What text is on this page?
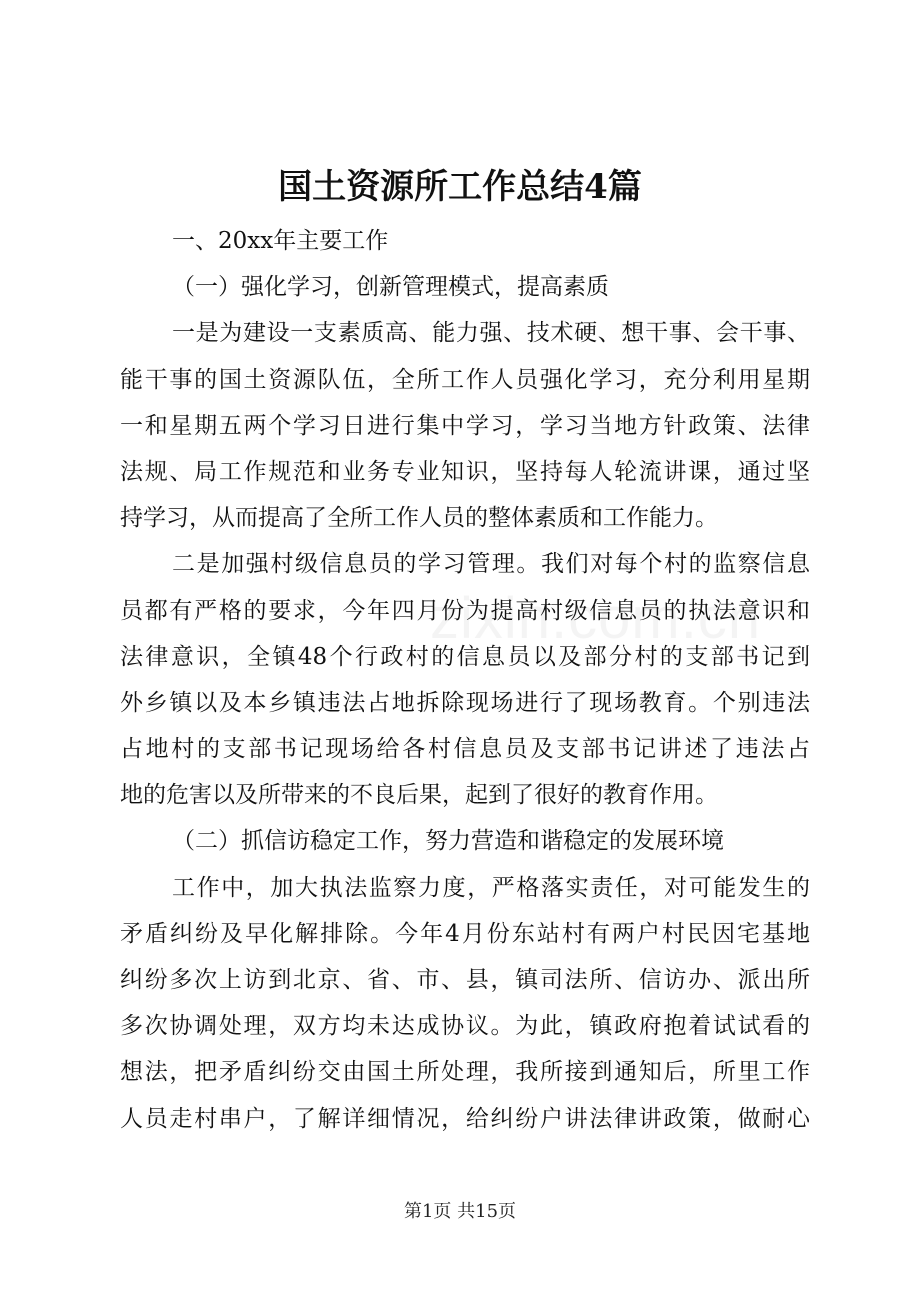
国土资源所工作总结4篇
一、20xx年主要工作
（一）强化学习，创新管理模式，提高素质
一是为建设一支素质高、能力强、技术硬、想干事、会干事、
能干事的国土资源队伍，全所工作人员强化学习，充分利用星期
一和星期五两个学习日进行集中学习，学习当地方针政策、法律
法规、局工作规范和业务专业知识，坚持每人轮流讲课，通过坚
持学习，从而提高了全所工作人员的整体素质和工作能力。
二是加强村级信息员的学习管理。我们对每个村的监察信息
员都有严格的要求，今年四月份为提高村级信息员的执法意识和
法律意识，全镇48个行政村的信息员以及部分村的支部书记到
外乡镇以及本乡镇违法占地拆除现场进行了现场教育。个别违法
占地村的支部书记现场给各村信息员及支部书记讲述了违法占
地的危害以及所带来的不良后果，起到了很好的教育作用。
（二）抓信访稳定工作，努力营造和谐稳定的发展环境
工作中，加大执法监察力度，严格落实责任，对可能发生的
矛盾纠纷及早化解排除。今年4月份东站村有两户村民因宅基地
纠纷多次上访到北京、省、市、县，镇司法所、信访办、派出所
多次协调处理，双方均未达成协议。为此，镇政府抱着试试看的
想法，把矛盾纠纷交由国土所处理，我所接到通知后，所里工作
人员走村串户，了解详细情况，给纠纷户讲法律讲政策，做耐心
第1页 共15页
